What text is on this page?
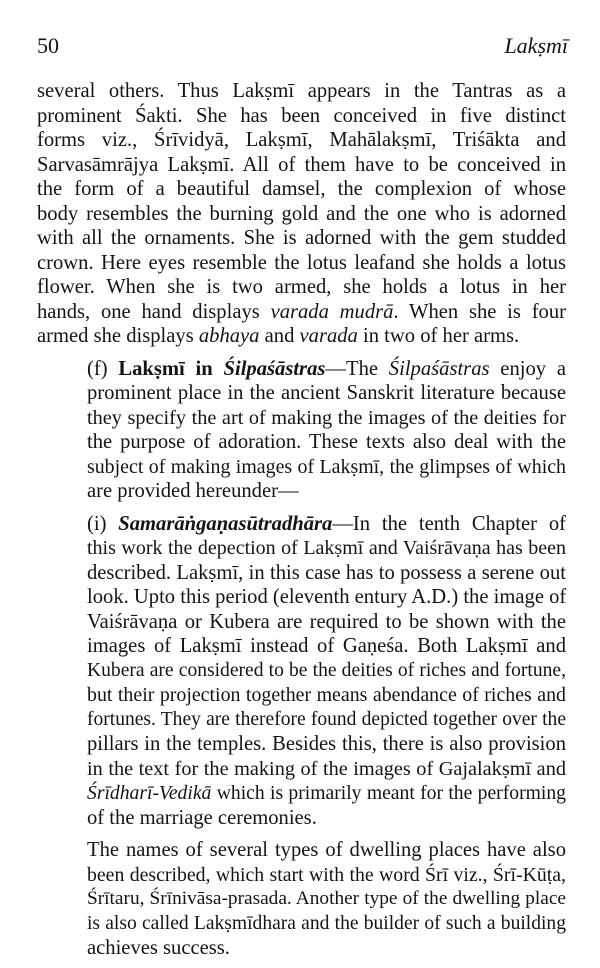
50	Lakṣmī

several others. Thus Lakṣmī appears in the Tantras as a
prominent Śakti. She has been conceived in five distinct
forms viz., Śrīvidyā, Lakṣmī, Mahālakṣmī, Triśākta and
Sarvasāmrājya Lakṣmī. All of them have to be conceived in
the form of a beautiful damsel, the complexion of whose
body resembles the burning gold and the one who is adorned
with all the ornaments. She is adorned with the gem studded
crown. Here eyes resemble the lotus leafand she holds a lotus
flower. When she is two armed, she holds a lotus in her
hands, one hand displays varada mudrā. When she is four
armed she displays abhaya and varada in two of her arms.

(f) Lakṣmī in Śilpaśāstras—The Śilpaśāstras enjoy a
prominent place in the ancient Sanskrit literature because
they specify the art of making the images of the deities for
the purpose of adoration. These texts also deal with the
subject of making images of Lakṣmī, the glimpses of which
are provided hereunder—

(i) Samarāṅgaṇasūtradhāra—In the tenth Chapter of
this work the depection of Lakṣmī and Vaiśrāvaṇa has been
described. Lakṣmī, in this case has to possess a serene out
look. Upto this period (eleventh entury A.D.) the image of
Vaiśrāvaṇa or Kubera are required to be shown with the
images of Lakṣmī instead of Gaṇeśa. Both Lakṣmī and
Kubera are considered to be the deities of riches and fortune,
but their projection together means abendance of riches and
fortunes. They are therefore found depicted together over the
pillars in the temples. Besides this, there is also provision
in the text for the making of the images of Gajalakṣmī and
Śrīdharī-Vedikā which is primarily meant for the performing
of the marriage ceremonies.

The names of several types of dwelling places have also
been described, which start with the word Śrī viz., Śrī-Kūṭa,
Śrītaru, Śrīnivāsa-prasada. Another type of the dwelling place
is also called Lakṣmīdhara and the builder of such a building
achieves success.
